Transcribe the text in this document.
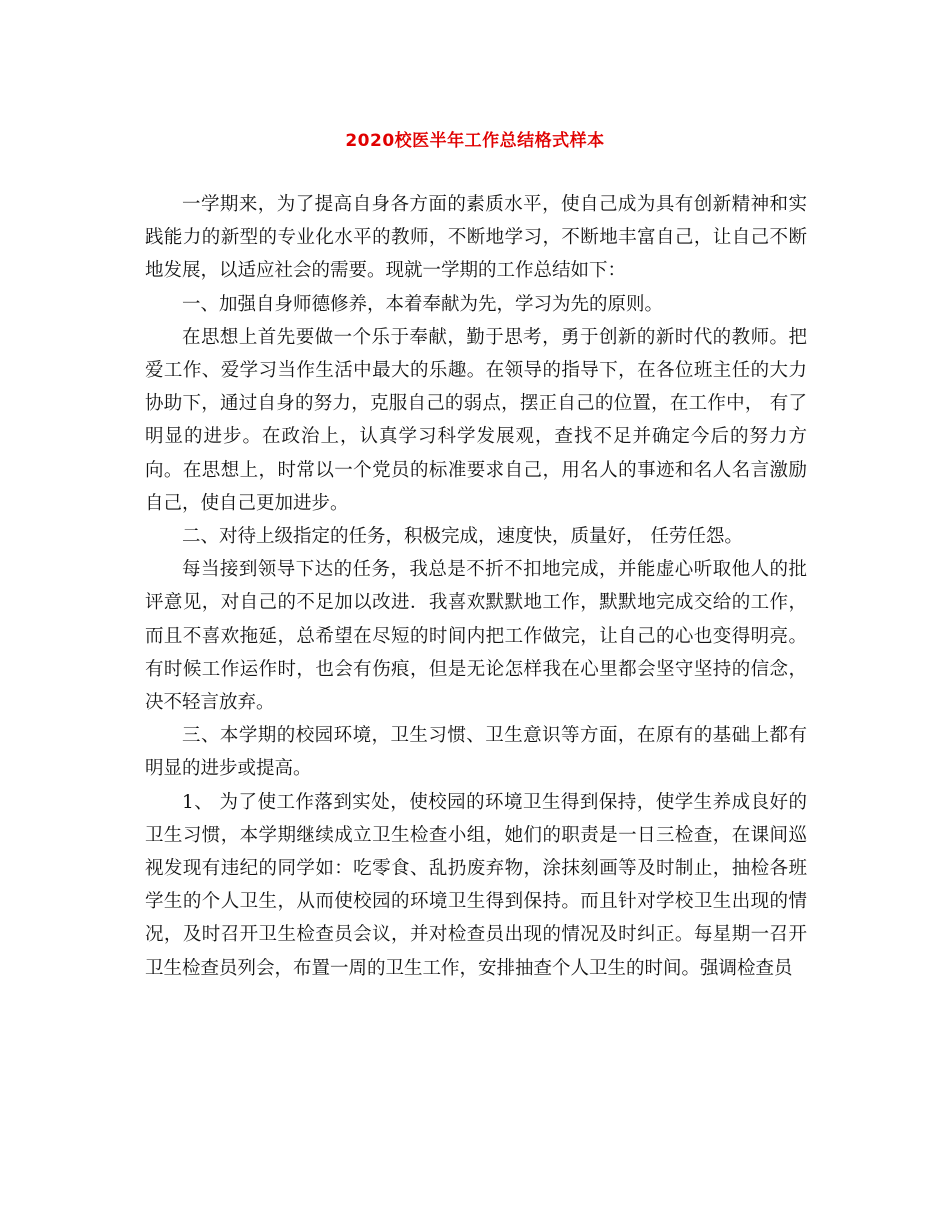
2020校医半年工作总结格式样本

一学期来，为了提高自身各方面的素质水平，使自己成为具有创新精神和实践能力的新型的专业化水平的教师，不断地学习，不断地丰富自己，让自己不断地发展，以适应社会的需要。现就一学期的工作总结如下：

一、加强自身师德修养，本着奉献为先，学习为先的原则。

在思想上首先要做一个乐于奉献，勤于思考，勇于创新的新时代的教师。把爱工作、爱学习当作生活中最大的乐趣。在领导的指导下，在各位班主任的大力协助下，通过自身的努力，克服自己的弱点，摆正自己的位置，在工作中， 有了明显的进步。在政治上，认真学习科学发展观，查找不足并确定今后的努力方向。在思想上，时常以一个党员的标准要求自己，用名人的事迹和名人名言激励自己，使自己更加进步。

二、对待上级指定的任务，积极完成，速度快，质量好， 任劳任怨。

每当接到领导下达的任务，我总是不折不扣地完成，并能虚心听取他人的批评意见，对自己的不足加以改进．我喜欢默默地工作，默默地完成交给的工作，而且不喜欢拖延，总希望在尽短的时间内把工作做完，让自己的心也变得明亮。有时候工作运作时，也会有伤痕，但是无论怎样我在心里都会坚守坚持的信念，决不轻言放弃。

三、本学期的校园环境，卫生习惯、卫生意识等方面，在原有的基础上都有明显的进步或提高。

1、 为了使工作落到实处，使校园的环境卫生得到保持，使学生养成良好的卫生习惯，本学期继续成立卫生检查小组，她们的职责是一日三检查，在课间巡视发现有违纪的同学如：吃零食、乱扔废弃物，涂抹刻画等及时制止，抽检各班学生的个人卫生，从而使校园的环境卫生得到保持。而且针对学校卫生出现的情况，及时召开卫生检查员会议，并对检查员出现的情况及时纠正。每星期一召开卫生检查员列会，布置一周的卫生工作，安排抽查个人卫生的时间。强调检查员
